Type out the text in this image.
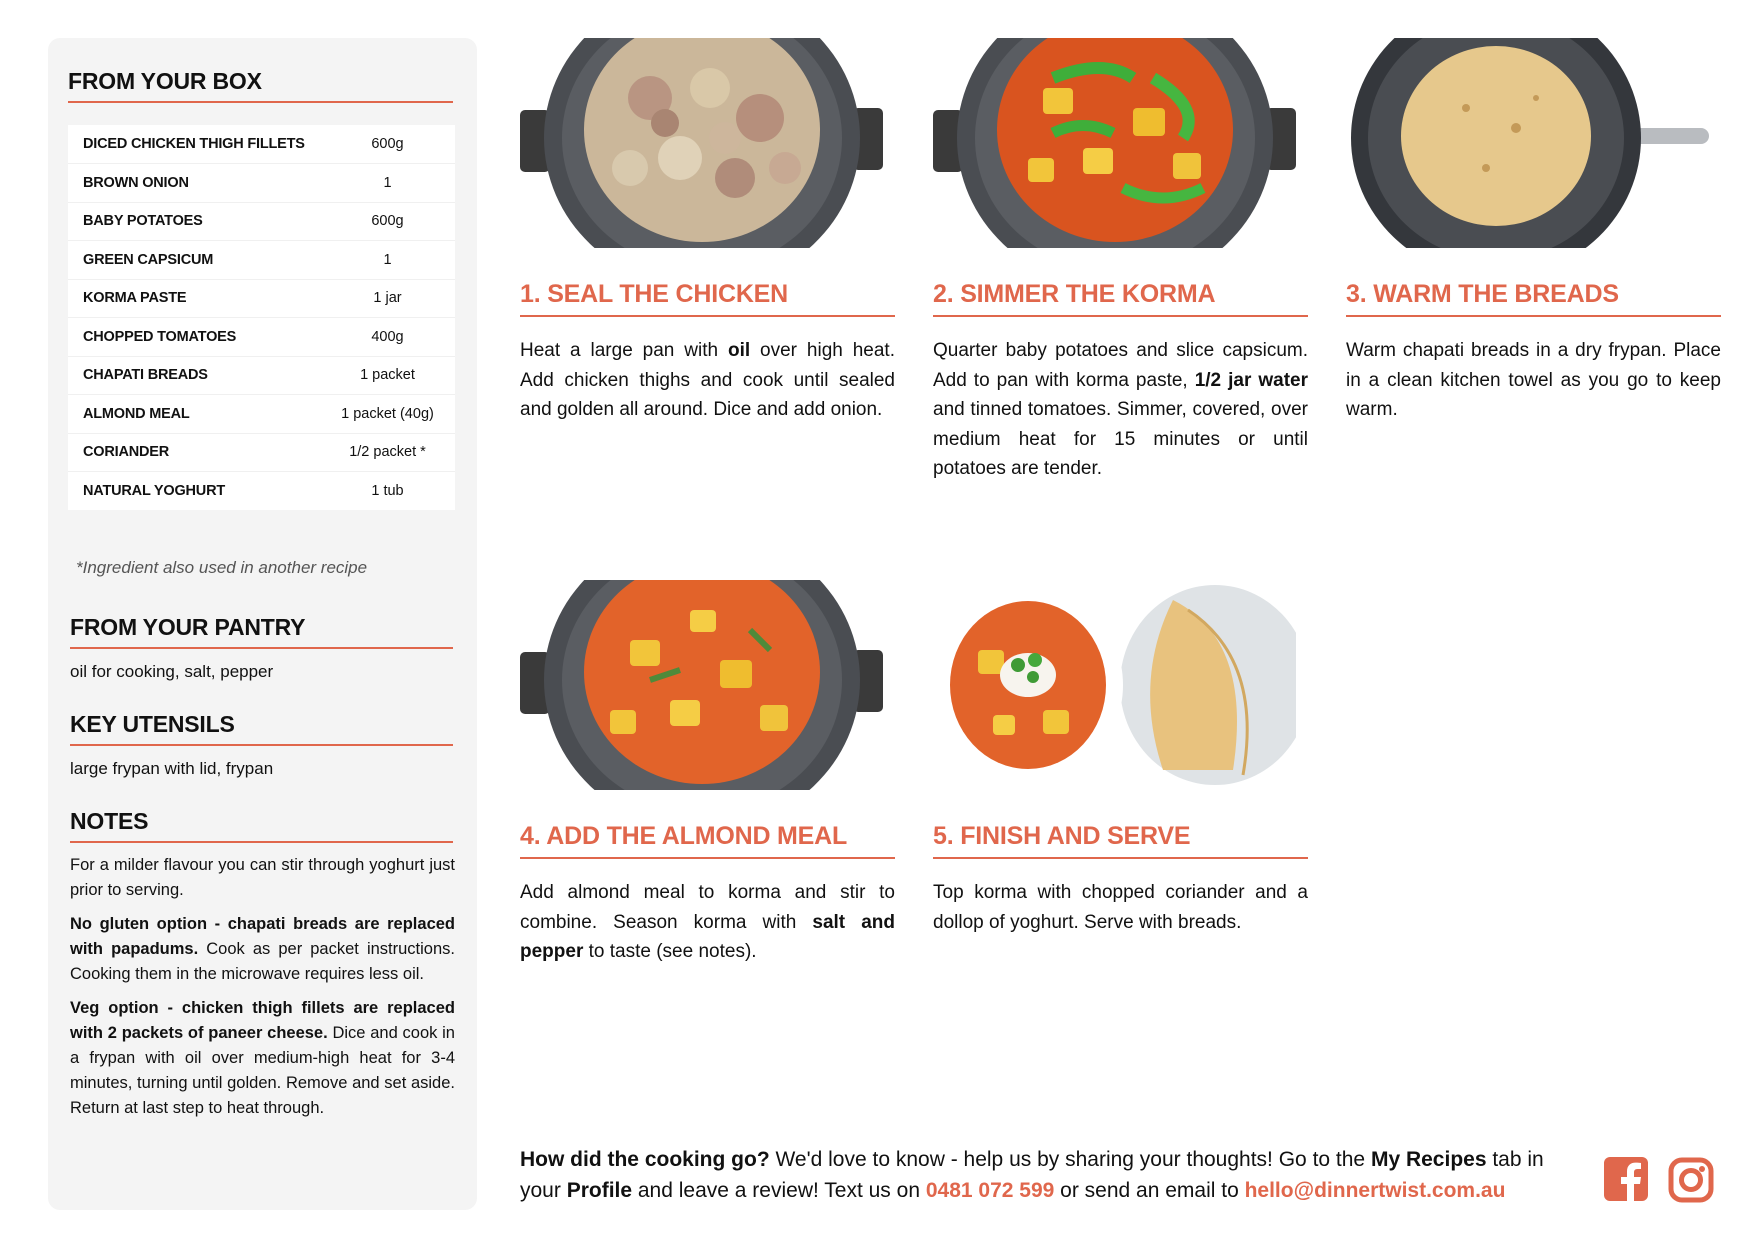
FROM YOUR BOX
DICED CHICKEN THIGH FILLETS	600g
BROWN ONION	1
BABY POTATOES	600g
GREEN CAPSICUM	1
KORMA PASTE	1 jar
CHOPPED TOMATOES	400g
CHAPATI BREADS	1 packet
ALMOND MEAL	1 packet (40g)
CORIANDER	1/2 packet *
NATURAL YOGHURT	1 tub
*Ingredient also used in another recipe
FROM YOUR PANTRY
oil for cooking, salt, pepper
KEY UTENSILS
large frypan with lid, frypan
NOTES

For a milder flavour you can stir through yoghurt just prior to serving.

No gluten option - chapati breads are replaced with papadums. Cook as per packet instructions. Cooking them in the microwave requires less oil.

Veg option - chicken thigh fillets are replaced with 2 packets of paneer cheese. Dice and cook in a frypan with oil over medium-high heat for 3-4 minutes, turning until golden. Remove and set aside. Return at last step to heat through.

1. SEAL THE CHICKEN
Heat a large pan with oil over high heat. Add chicken thighs and cook until sealed and golden all around. Dice and add onion.
2. SIMMER THE KORMA
Quarter baby potatoes and slice capsicum. Add to pan with korma paste, 1/2 jar water and tinned tomatoes. Simmer, covered, over medium heat for 15 minutes or until potatoes are tender.
3. WARM THE BREADS
Warm chapati breads in a dry frypan. Place in a clean kitchen towel as you go to keep warm.
4. ADD THE ALMOND MEAL
Add almond meal to korma and stir to combine. Season korma with salt and pepper to taste (see notes).
5. FINISH AND SERVE
Top korma with chopped coriander and a dollop of yoghurt. Serve with breads.
How did the cooking go? We'd love to know - help us by sharing your thoughts! Go to the My Recipes tab in your Profile and leave a review! Text us on 0481 072 599 or send an email to hello@dinnertwist.com.au
